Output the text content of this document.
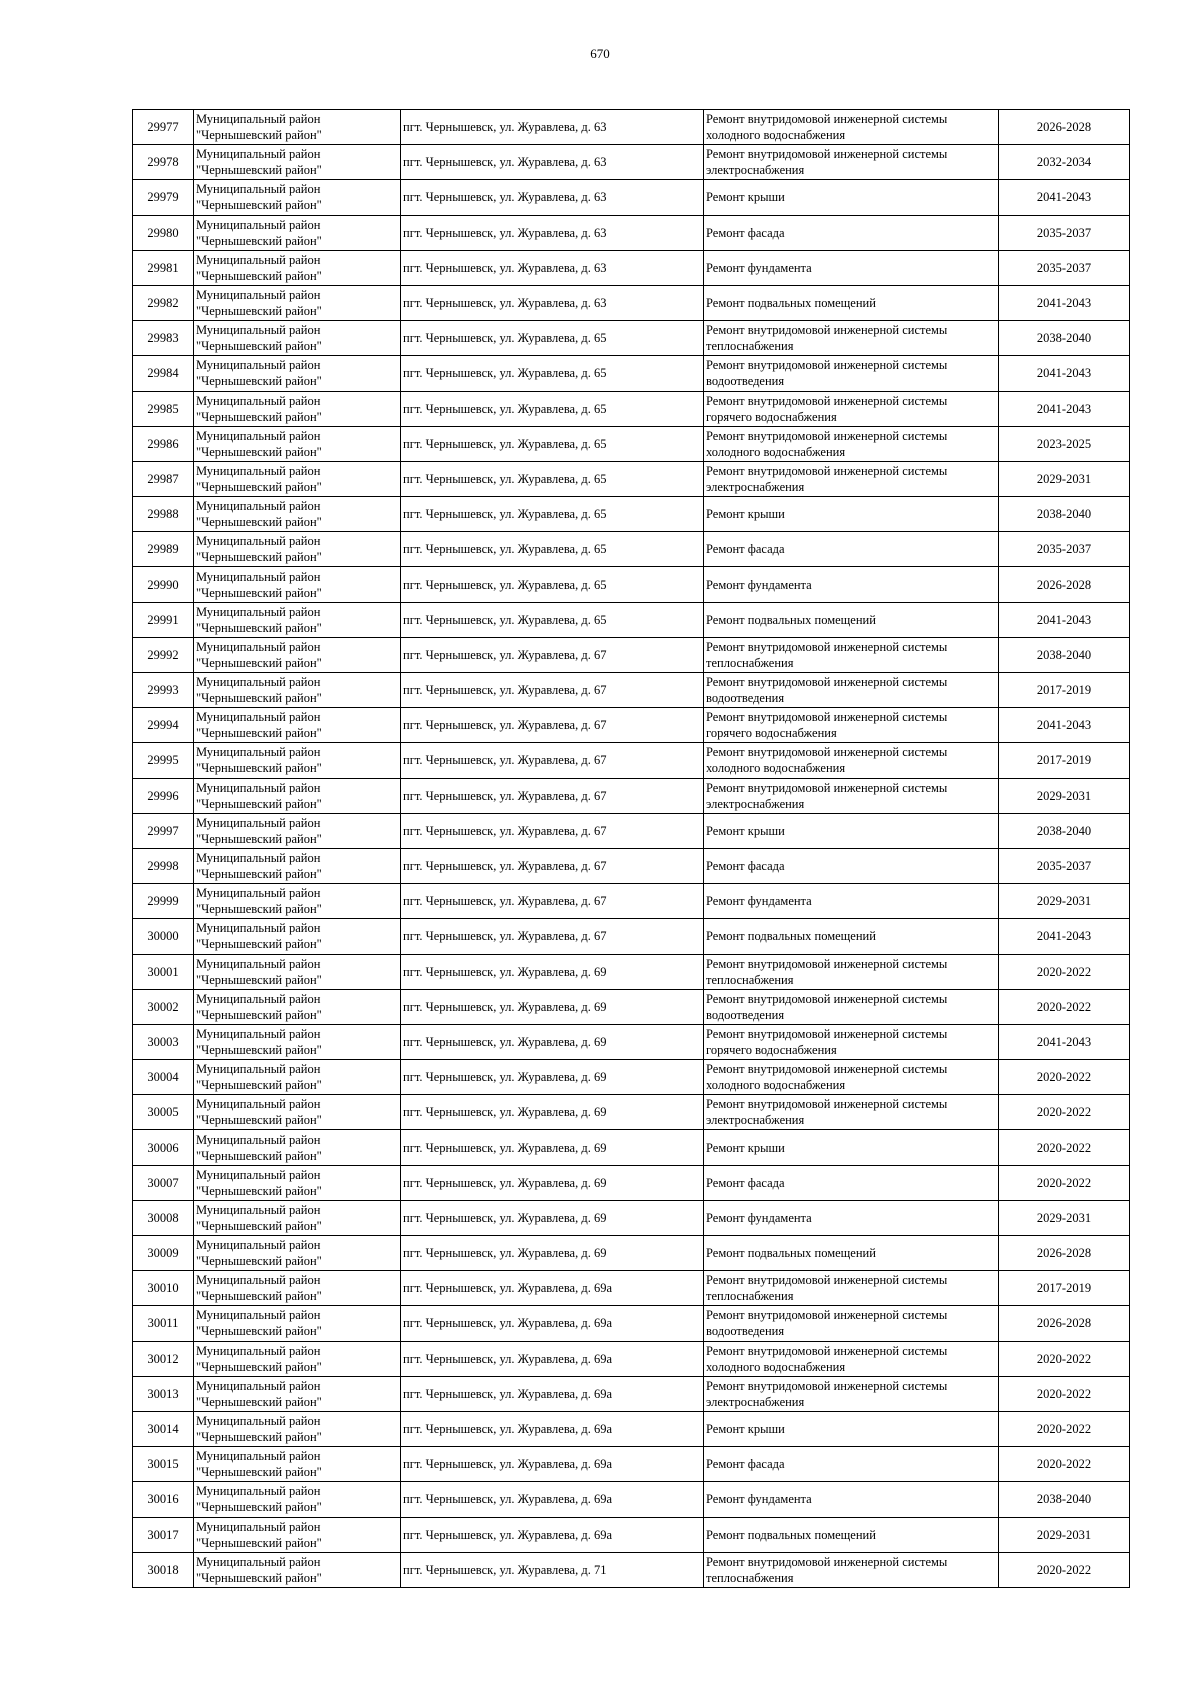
670
29977	Муниципальный район
"Чернышевский район"	пгт. Чернышевск, ул. Журавлева, д. 63	Ремонт внутридомовой инженерной системы
холодного водоснабжения	2026-2028
29978	Муниципальный район
"Чернышевский район"	пгт. Чернышевск, ул. Журавлева, д. 63	Ремонт внутридомовой инженерной системы
электроснабжения	2032-2034
29979	Муниципальный район
"Чернышевский район"	пгт. Чернышевск, ул. Журавлева, д. 63	Ремонт крыши	2041-2043
29980	Муниципальный район
"Чернышевский район"	пгт. Чернышевск, ул. Журавлева, д. 63	Ремонт фасада	2035-2037
29981	Муниципальный район
"Чернышевский район"	пгт. Чернышевск, ул. Журавлева, д. 63	Ремонт фундамента	2035-2037
29982	Муниципальный район
"Чернышевский район"	пгт. Чернышевск, ул. Журавлева, д. 63	Ремонт подвальных помещений	2041-2043
29983	Муниципальный район
"Чернышевский район"	пгт. Чернышевск, ул. Журавлева, д. 65	Ремонт внутридомовой инженерной системы
теплоснабжения	2038-2040
29984	Муниципальный район
"Чернышевский район"	пгт. Чернышевск, ул. Журавлева, д. 65	Ремонт внутридомовой инженерной системы
водоотведения	2041-2043
29985	Муниципальный район
"Чернышевский район"	пгт. Чернышевск, ул. Журавлева, д. 65	Ремонт внутридомовой инженерной системы
горячего водоснабжения	2041-2043
29986	Муниципальный район
"Чернышевский район"	пгт. Чернышевск, ул. Журавлева, д. 65	Ремонт внутридомовой инженерной системы
холодного водоснабжения	2023-2025
29987	Муниципальный район
"Чернышевский район"	пгт. Чернышевск, ул. Журавлева, д. 65	Ремонт внутридомовой инженерной системы
электроснабжения	2029-2031
29988	Муниципальный район
"Чернышевский район"	пгт. Чернышевск, ул. Журавлева, д. 65	Ремонт крыши	2038-2040
29989	Муниципальный район
"Чернышевский район"	пгт. Чернышевск, ул. Журавлева, д. 65	Ремонт фасада	2035-2037
29990	Муниципальный район
"Чернышевский район"	пгт. Чернышевск, ул. Журавлева, д. 65	Ремонт фундамента	2026-2028
29991	Муниципальный район
"Чернышевский район"	пгт. Чернышевск, ул. Журавлева, д. 65	Ремонт подвальных помещений	2041-2043
29992	Муниципальный район
"Чернышевский район"	пгт. Чернышевск, ул. Журавлева, д. 67	Ремонт внутридомовой инженерной системы
теплоснабжения	2038-2040
29993	Муниципальный район
"Чернышевский район"	пгт. Чернышевск, ул. Журавлева, д. 67	Ремонт внутридомовой инженерной системы
водоотведения	2017-2019
29994	Муниципальный район
"Чернышевский район"	пгт. Чернышевск, ул. Журавлева, д. 67	Ремонт внутридомовой инженерной системы
горячего водоснабжения	2041-2043
29995	Муниципальный район
"Чернышевский район"	пгт. Чернышевск, ул. Журавлева, д. 67	Ремонт внутридомовой инженерной системы
холодного водоснабжения	2017-2019
29996	Муниципальный район
"Чернышевский район"	пгт. Чернышевск, ул. Журавлева, д. 67	Ремонт внутридомовой инженерной системы
электроснабжения	2029-2031
29997	Муниципальный район
"Чернышевский район"	пгт. Чернышевск, ул. Журавлева, д. 67	Ремонт крыши	2038-2040
29998	Муниципальный район
"Чернышевский район"	пгт. Чернышевск, ул. Журавлева, д. 67	Ремонт фасада	2035-2037
29999	Муниципальный район
"Чернышевский район"	пгт. Чернышевск, ул. Журавлева, д. 67	Ремонт фундамента	2029-2031
30000	Муниципальный район
"Чернышевский район"	пгт. Чернышевск, ул. Журавлева, д. 67	Ремонт подвальных помещений	2041-2043
30001	Муниципальный район
"Чернышевский район"	пгт. Чернышевск, ул. Журавлева, д. 69	Ремонт внутридомовой инженерной системы
теплоснабжения	2020-2022
30002	Муниципальный район
"Чернышевский район"	пгт. Чернышевск, ул. Журавлева, д. 69	Ремонт внутридомовой инженерной системы
водоотведения	2020-2022
30003	Муниципальный район
"Чернышевский район"	пгт. Чернышевск, ул. Журавлева, д. 69	Ремонт внутридомовой инженерной системы
горячего водоснабжения	2041-2043
30004	Муниципальный район
"Чернышевский район"	пгт. Чернышевск, ул. Журавлева, д. 69	Ремонт внутридомовой инженерной системы
холодного водоснабжения	2020-2022
30005	Муниципальный район
"Чернышевский район"	пгт. Чернышевск, ул. Журавлева, д. 69	Ремонт внутридомовой инженерной системы
электроснабжения	2020-2022
30006	Муниципальный район
"Чернышевский район"	пгт. Чернышевск, ул. Журавлева, д. 69	Ремонт крыши	2020-2022
30007	Муниципальный район
"Чернышевский район"	пгт. Чернышевск, ул. Журавлева, д. 69	Ремонт фасада	2020-2022
30008	Муниципальный район
"Чернышевский район"	пгт. Чернышевск, ул. Журавлева, д. 69	Ремонт фундамента	2029-2031
30009	Муниципальный район
"Чернышевский район"	пгт. Чернышевск, ул. Журавлева, д. 69	Ремонт подвальных помещений	2026-2028
30010	Муниципальный район
"Чернышевский район"	пгт. Чернышевск, ул. Журавлева, д. 69а	Ремонт внутридомовой инженерной системы
теплоснабжения	2017-2019
30011	Муниципальный район
"Чернышевский район"	пгт. Чернышевск, ул. Журавлева, д. 69а	Ремонт внутридомовой инженерной системы
водоотведения	2026-2028
30012	Муниципальный район
"Чернышевский район"	пгт. Чернышевск, ул. Журавлева, д. 69а	Ремонт внутридомовой инженерной системы
холодного водоснабжения	2020-2022
30013	Муниципальный район
"Чернышевский район"	пгт. Чернышевск, ул. Журавлева, д. 69а	Ремонт внутридомовой инженерной системы
электроснабжения	2020-2022
30014	Муниципальный район
"Чернышевский район"	пгт. Чернышевск, ул. Журавлева, д. 69а	Ремонт крыши	2020-2022
30015	Муниципальный район
"Чернышевский район"	пгт. Чернышевск, ул. Журавлева, д. 69а	Ремонт фасада	2020-2022
30016	Муниципальный район
"Чернышевский район"	пгт. Чернышевск, ул. Журавлева, д. 69а	Ремонт фундамента	2038-2040
30017	Муниципальный район
"Чернышевский район"	пгт. Чернышевск, ул. Журавлева, д. 69а	Ремонт подвальных помещений	2029-2031
30018	Муниципальный район
"Чернышевский район"	пгт. Чернышевск, ул. Журавлева, д. 71	Ремонт внутридомовой инженерной системы
теплоснабжения	2020-2022
